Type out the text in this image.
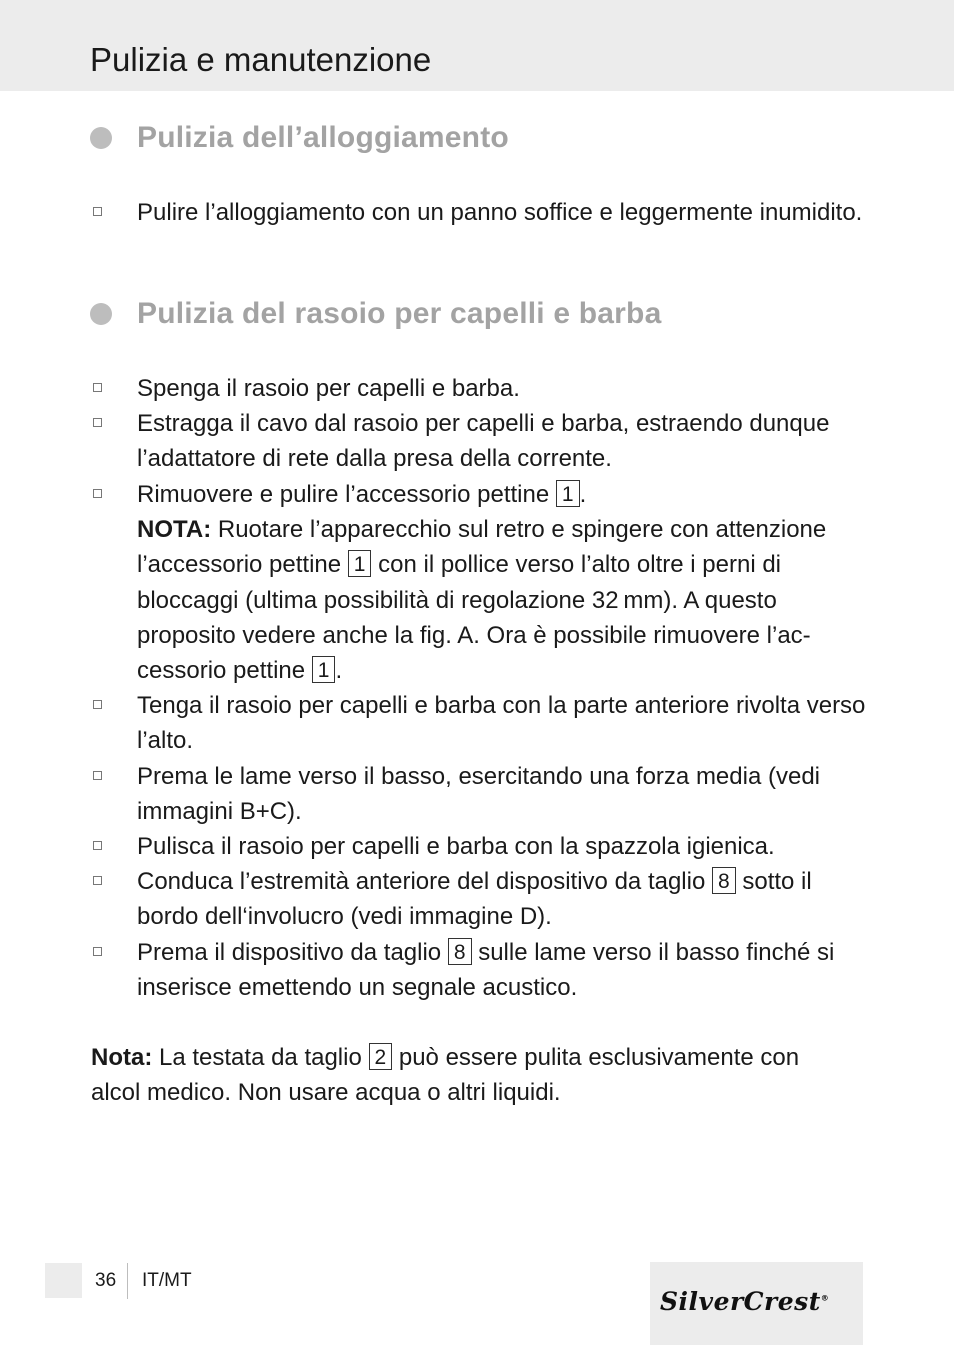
Pulizia e manutenzione
Pulizia dell’alloggiamento
Pulire l’alloggiamento con un panno soffice e leggermente inumidito.
Pulizia del rasoio per capelli e barba
Spenga il rasoio per capelli e barba.
Estragga il cavo dal rasoio per capelli e barba, estraendo dunque l’adattatore di rete dalla presa della corrente.
Rimuovere e pulire l’accessorio pettine 1 .
NOTA: Ruotare l’apparecchio sul retro e spingere con attenzione
l’accessorio pettine 1 con il pollice verso l’alto oltre i perni di
bloccaggi (ultima possibilità di regolazione 32 mm). A questo
proposito vedere anche la fig. A. Ora è possibile rimuovere l’ac-
cessorio pettine 1 .
Tenga il rasoio per capelli e barba con la parte anteriore rivolta verso l’alto.
Prema le lame verso il basso, esercitando una forza media (vedi immagini B+C).
Pulisca il rasoio per capelli e barba con la spazzola igienica.
Conduca l’estremità anteriore del dispositivo da taglio 8 sotto il
bordo dell‘involucro (vedi immagine D).
Prema il dispositivo da taglio 8 sulle lame verso il basso finché si
inserisce emettendo un segnale acustico.
Nota: La testata da taglio 2 può essere pulita esclusivamente con
alcol medico. Non usare acqua o altri liquidi.
36 IT/MT
SilverCrest®
